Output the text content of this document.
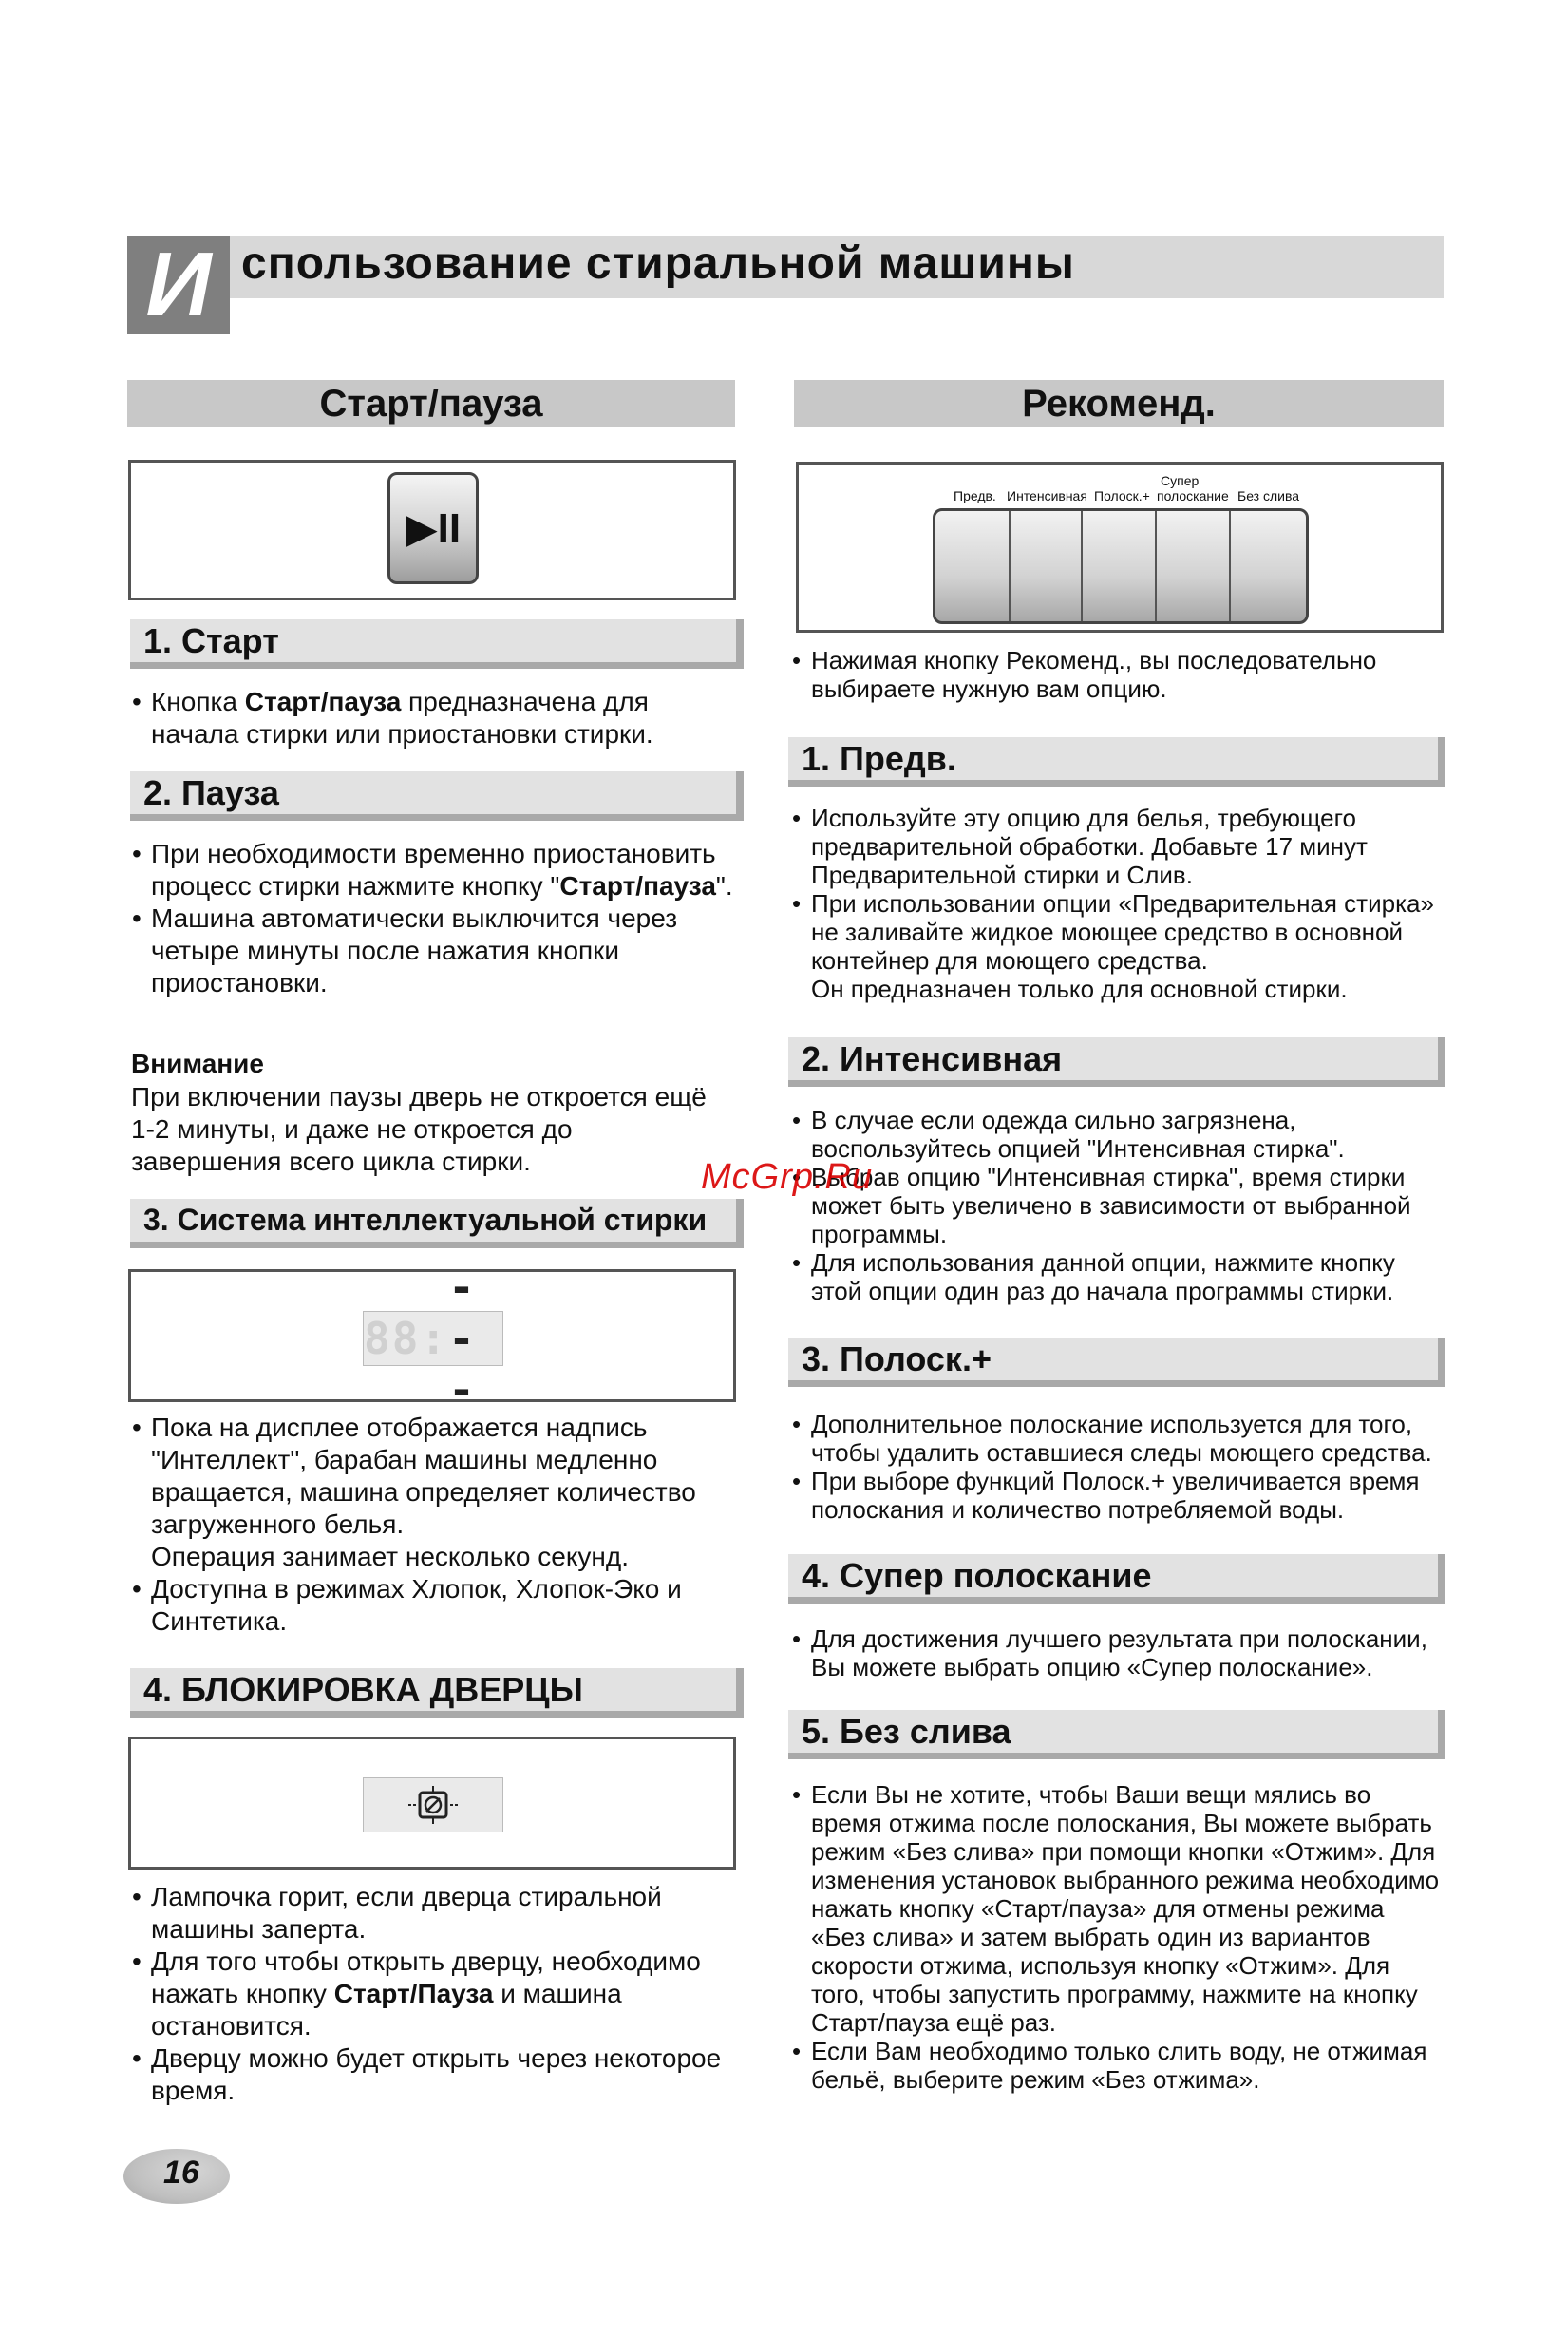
И спользование стиральной машины
Старт/пауза
▶II
1. Старт
• Кнопка Старт/пауза предназначена для начала стирки или приостановки стирки.
2. Пауза
• При необходимости временно приостановить процесс стирки нажмите кнопку "Старт/пауза".
• Машина автоматически выключится через четыре минуты после нажатия кнопки приостановки.
Внимание
При включении паузы дверь не откроется ещё 1-2 минуты, и даже не откроется до завершения всего цикла стирки.
3. Система интеллектуальной стирки
88:
-- -
• Пока на дисплее отображается надпись "Интеллект", барабан машины медленно вращается, машина определяет количество загруженного белья.
Операция занимает несколько секунд.
• Доступна в режимах Хлопок, Хлопок-Эко и Синтетика.
4. БЛОКИРОВКА ДВЕРЦЫ
• Лампочка горит, если дверца стиральной машины заперта.
• Для того чтобы открыть дверцу, необходимо нажать кнопку Старт/Пауза и машина остановится.
• Дверцу можно будет открыть через некоторое время.
Рекоменд.
Предв. Интенсивная Полоск.+
Супер
полоскание Без слива
• Нажимая кнопку Рекоменд., вы последовательно выбираете нужную вам опцию.
1. Предв.
• Используйте эту опцию для белья, требующего предварительной обработки. Добавьте 17 минут Предварительной стирки и Слив.
• При использовании опции «Предварительная стирка» не заливайте жидкое моющее средство в основной контейнер для моющего средства.
Он предназначен только для основной стирки.
2. Интенсивная
• В случае если одежда сильно загрязнена, воспользуйтесь опцией "Интенсивная стирка".
• Выбрав опцию "Интенсивная стирка", время стирки может быть увеличено в зависимости от выбранной программы.
• Для использования данной опции, нажмите кнопку этой опции один раз до начала программы стирки.
3. Полоск.+
• Дополнительное полоскание используется для того, чтобы удалить оставшиеся следы моющего средства.
• При выборе функций Полоск.+ увеличивается время полоскания и количество потребляемой воды.
4. Супер полоскание
• Для достижения лучшего результата при полоскании, Вы можете выбрать опцию «Супер полоскание».
5. Без слива
• Если Вы не хотите, чтобы Ваши вещи мялись во время отжима после полоскания, Вы можете выбрать режим «Без слива» при помощи кнопки «Отжим». Для изменения установок выбранного режима необходимо нажать кнопку «Старт/пауза» для отмены режима «Без слива» и затем выбрать один из вариантов скорости отжима, используя кнопку «Отжим». Для того, чтобы запустить программу, нажмите на кнопку Старт/пауза ещё раз.
• Если Вам необходимо только слить воду, не отжимая бельё, выберите режим «Без отжима».
McGrp.Ru
16
